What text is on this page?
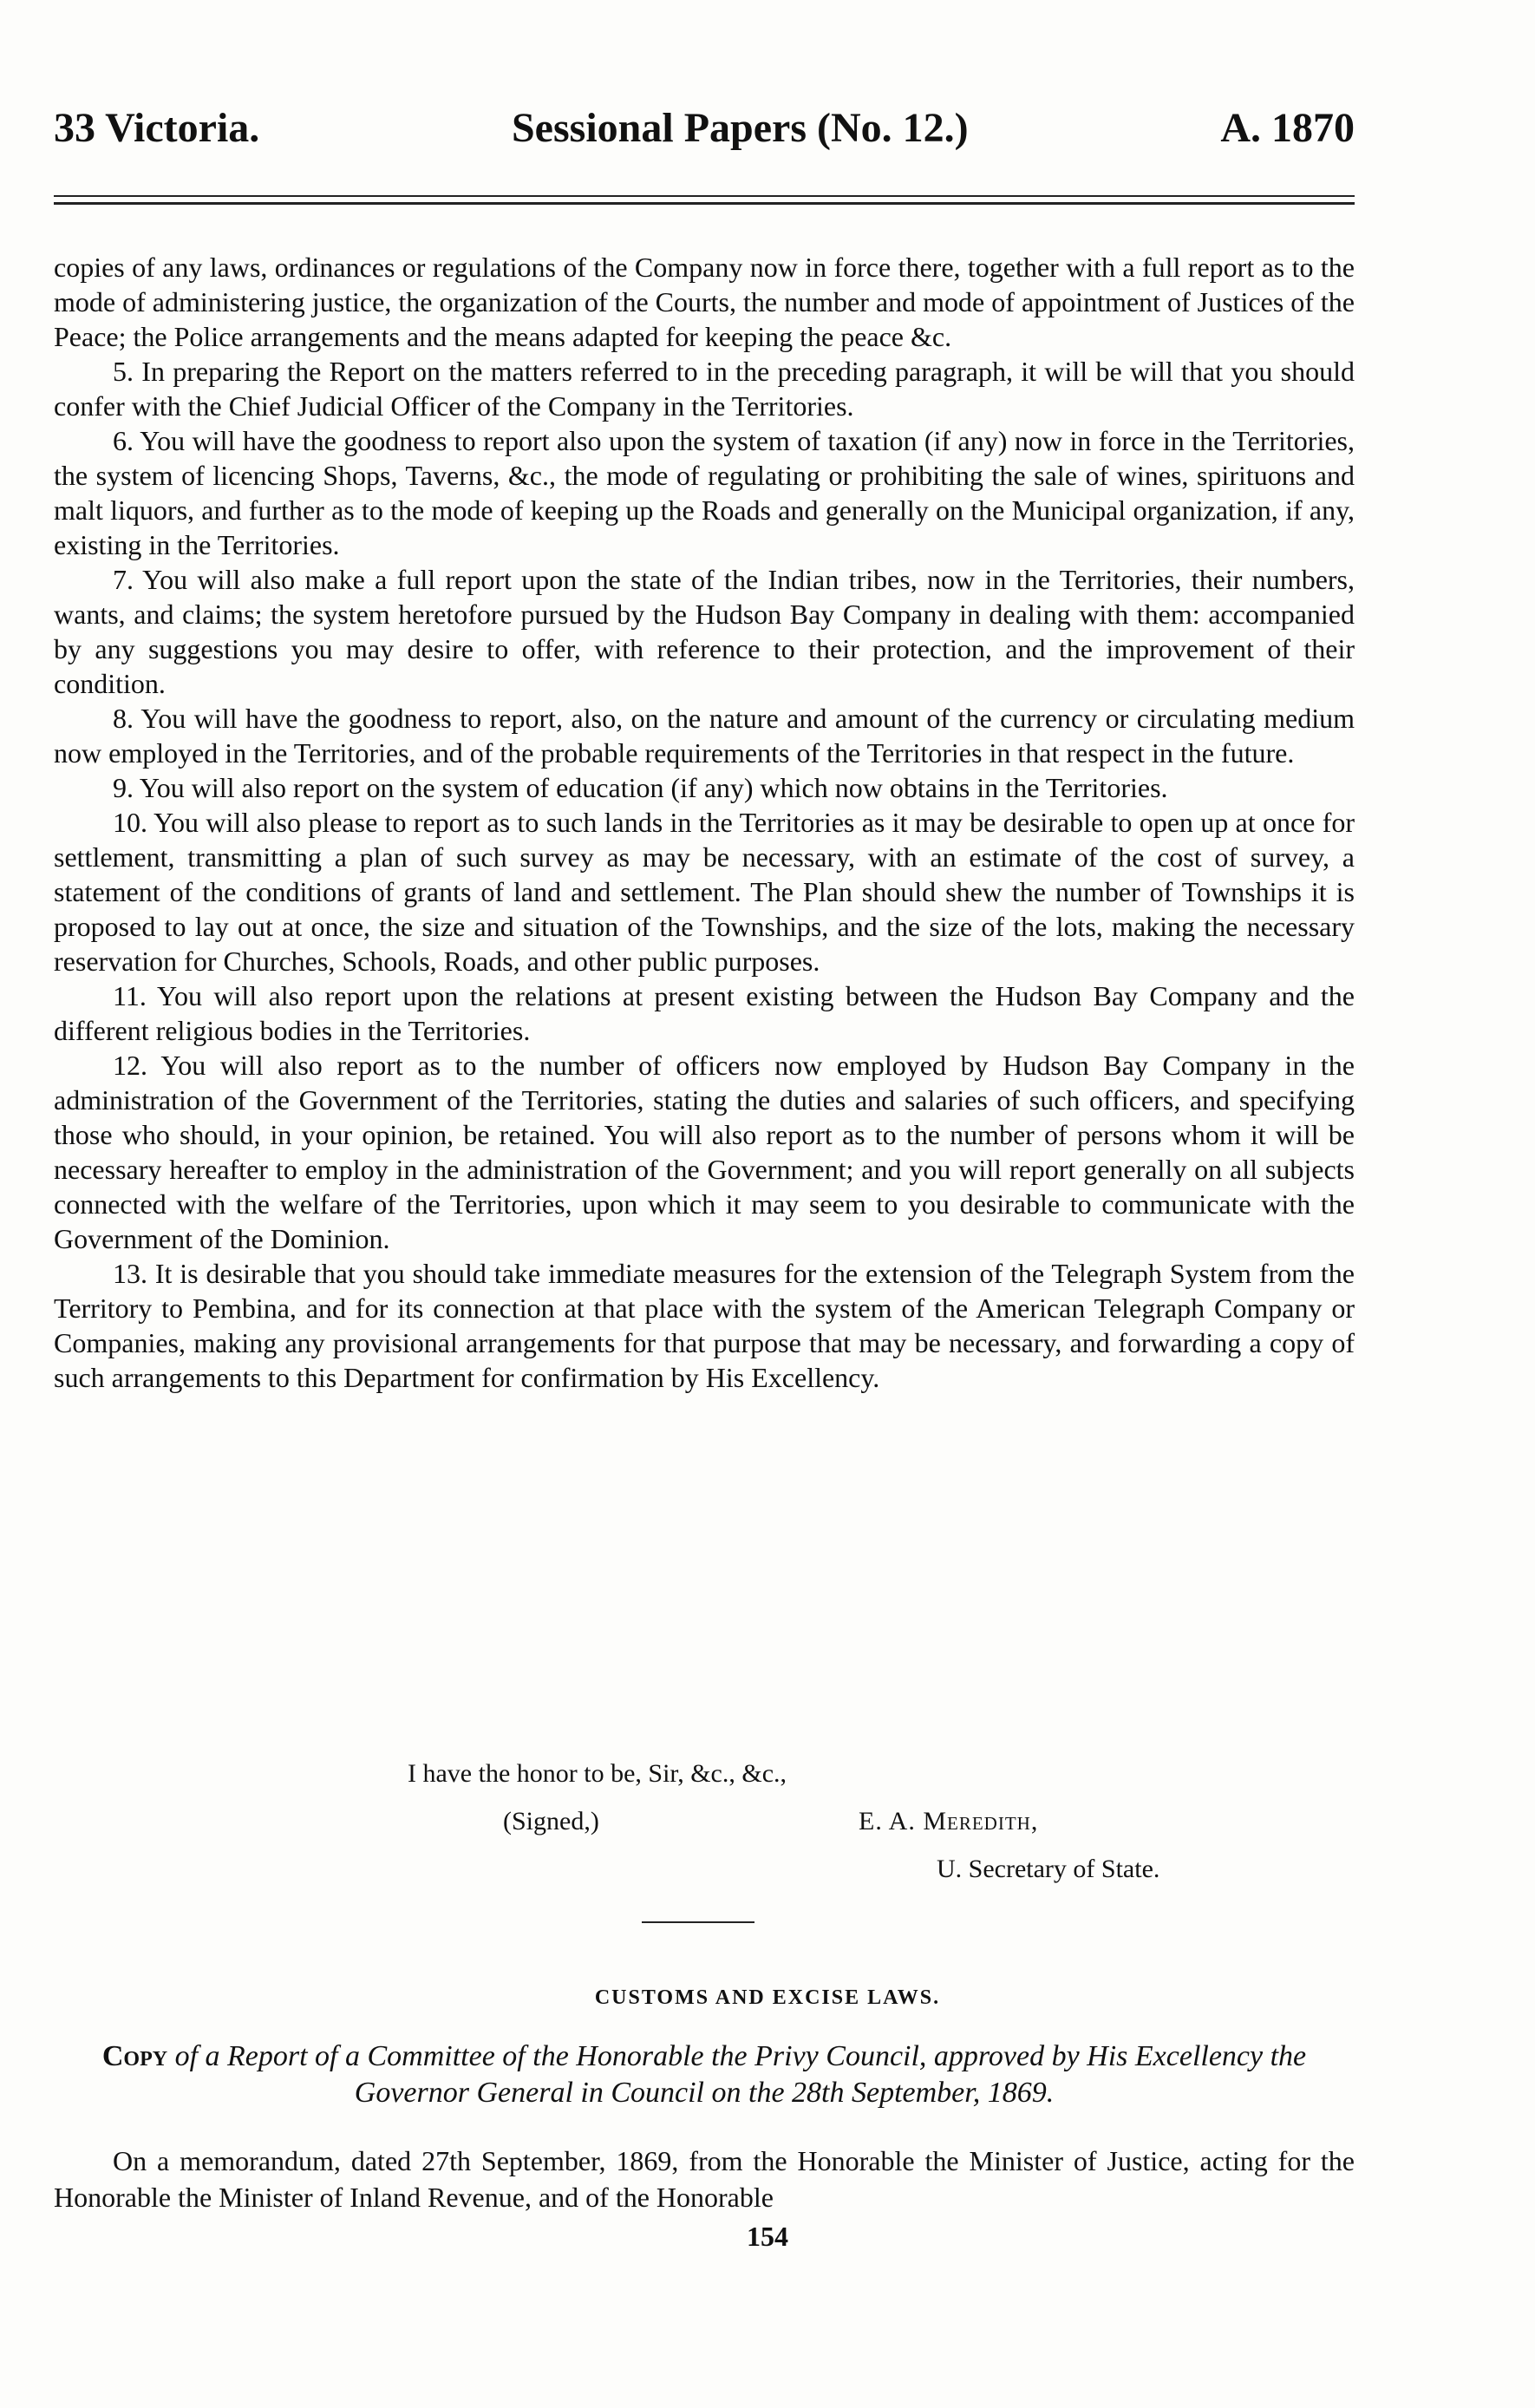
33 Victoria.	Sessional Papers (No. 12.)	A. 1870

copies of any laws, ordinances or regulations of the Company now in force there, together with a full report as to the mode of administering justice, the organization of the Courts, the number and mode of appointment of Justices of the Peace; the Police arrangements and the means adapted for keeping the peace &c.

5. In preparing the Report on the matters referred to in the preceding paragraph, it will be will that you should confer with the Chief Judicial Officer of the Company in the Territories.

6. You will have the goodness to report also upon the system of taxation (if any) now in force in the Territories, the system of licencing Shops, Taverns, &c., the mode of regulating or prohibiting the sale of wines, spirituons and malt liquors, and further as to the mode of keeping up the Roads and generally on the Municipal organization, if any, existing in the Territories.

7. You will also make a full report upon the state of the Indian tribes, now in the Territories, their numbers, wants, and claims; the system heretofore pursued by the Hudson Bay Company in dealing with them: accompanied by any suggestions you may desire to offer, with reference to their protection, and the improvement of their condition.

8. You will have the goodness to report, also, on the nature and amount of the currency or circulating medium now employed in the Territories, and of the probable requirements of the Territories in that respect in the future.

9. You will also report on the system of education (if any) which now obtains in the Territories.

10. You will also please to report as to such lands in the Territories as it may be desirable to open up at once for settlement, transmitting a plan of such survey as may be necessary, with an estimate of the cost of survey, a statement of the conditions of grants of land and settlement. The Plan should shew the number of Townships it is proposed to lay out at once, the size and situation of the Townships, and the size of the lots, making the necessary reservation for Churches, Schools, Roads, and other public purposes.

11. You will also report upon the relations at present existing between the Hudson Bay Company and the different religious bodies in the Territories.

12. You will also report as to the number of officers now employed by Hudson Bay Company in the administration of the Government of the Territories, stating the duties and salaries of such officers, and specifying those who should, in your opinion, be retained. You will also report as to the number of persons whom it will be necessary hereafter to employ in the administration of the Government; and you will report generally on all subjects connected with the welfare of the Territories, upon which it may seem to you desirable to communicate with the Government of the Dominion.

13. It is desirable that you should take immediate measures for the extension of the Telegraph System from the Territory to Pembina, and for its connection at that place with the system of the American Telegraph Company or Companies, making any provisional arrangements for that purpose that may be necessary, and forwarding a copy of such arrangements to this Department for confirmation by His Excellency.

I have the honor to be, Sir, &c., &c.,
(Signed,)	E. A. Meredith,
U. Secretary of State.
CUSTOMS AND EXCISE LAWS.
Copy of a Report of a Committee of the Honorable the Privy Council, approved by His Excellency the Governor General in Council on the 28th September, 1869.
On a memorandum, dated 27th September, 1869, from the Honorable the Minister of Justice, acting for the Honorable the Minister of Inland Revenue, and of the Honorable
154
